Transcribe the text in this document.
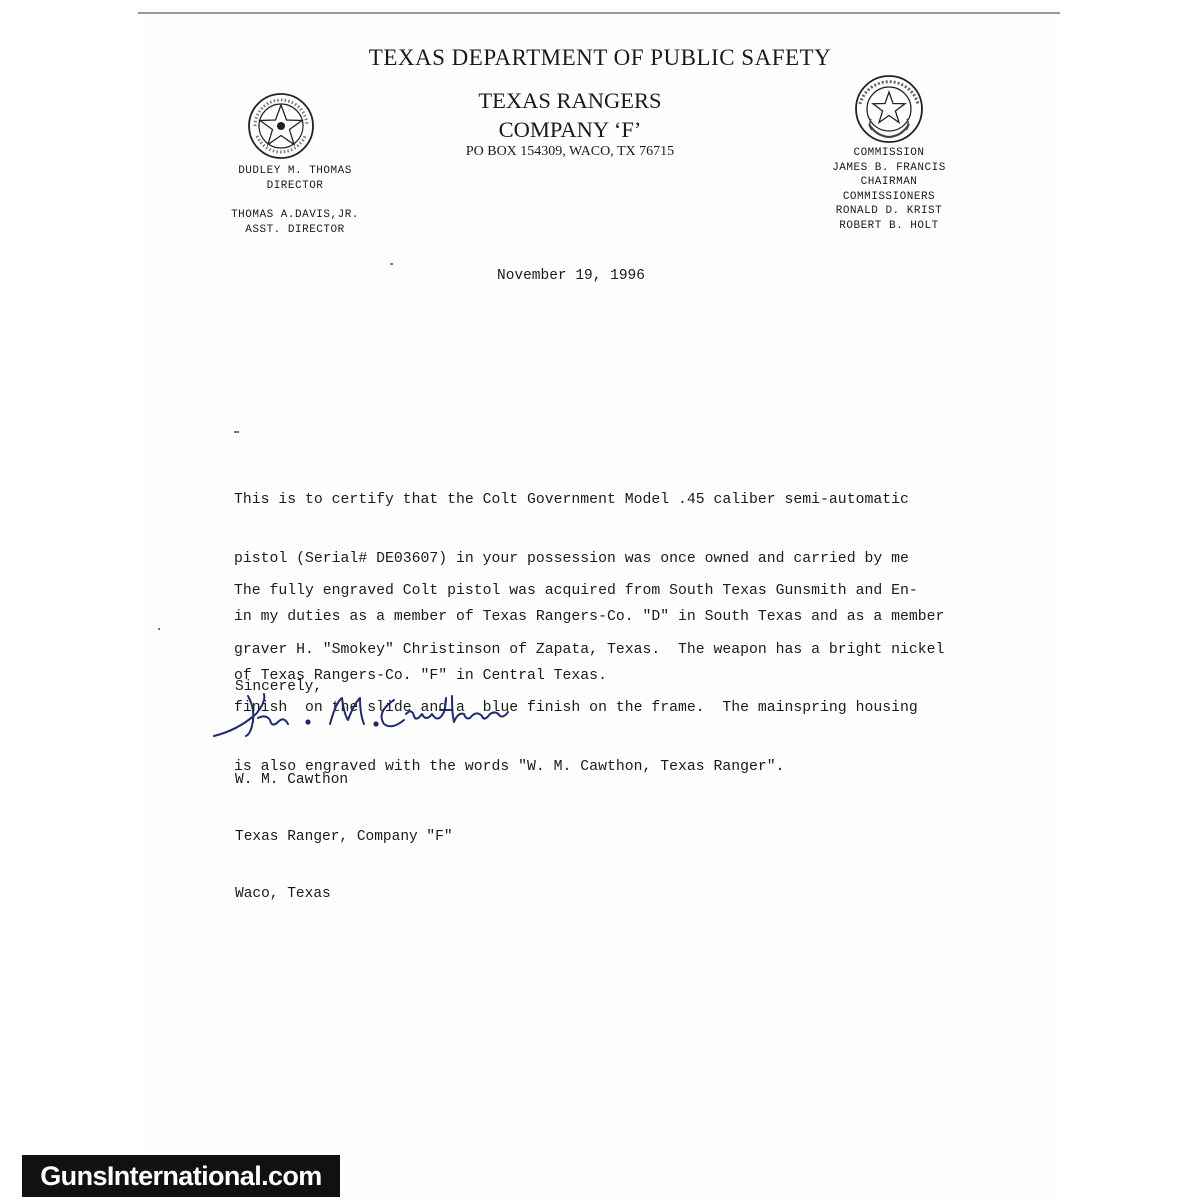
TEXAS DEPARTMENT OF PUBLIC SAFETY
TEXAS RANGERS
COMPANY ‘F’
PO BOX 154309, WACO, TX 76715
DUDLEY M. THOMAS
DIRECTOR
THOMAS A.DAVIS,JR.
ASST. DIRECTOR
COMMISSION
JAMES B. FRANCIS
CHAIRMAN
COMMISSIONERS
RONALD D. KRIST
ROBERT B. HOLT
November 19, 1996

This is to certify that the Colt Government Model .45 caliber semi-automatic

pistol (Serial# DE03607) in your possession was once owned and carried by me

in my duties as a member of Texas Rangers-Co. "D" in South Texas and as a member

of Texas Rangers-Co. "F" in Central Texas.

The fully engraved Colt pistol was acquired from South Texas Gunsmith and En-

graver H. "Smokey" Christinson of Zapata, Texas.  The weapon has a bright nickel

finish  on the slide and a  blue finish on the frame.  The mainspring housing

is also engraved with the words "W. M. Cawthon, Texas Ranger".

Sincerely,

W. M. Cawthon

Texas Ranger, Company "F"

Waco, Texas

GunsInternational.com
